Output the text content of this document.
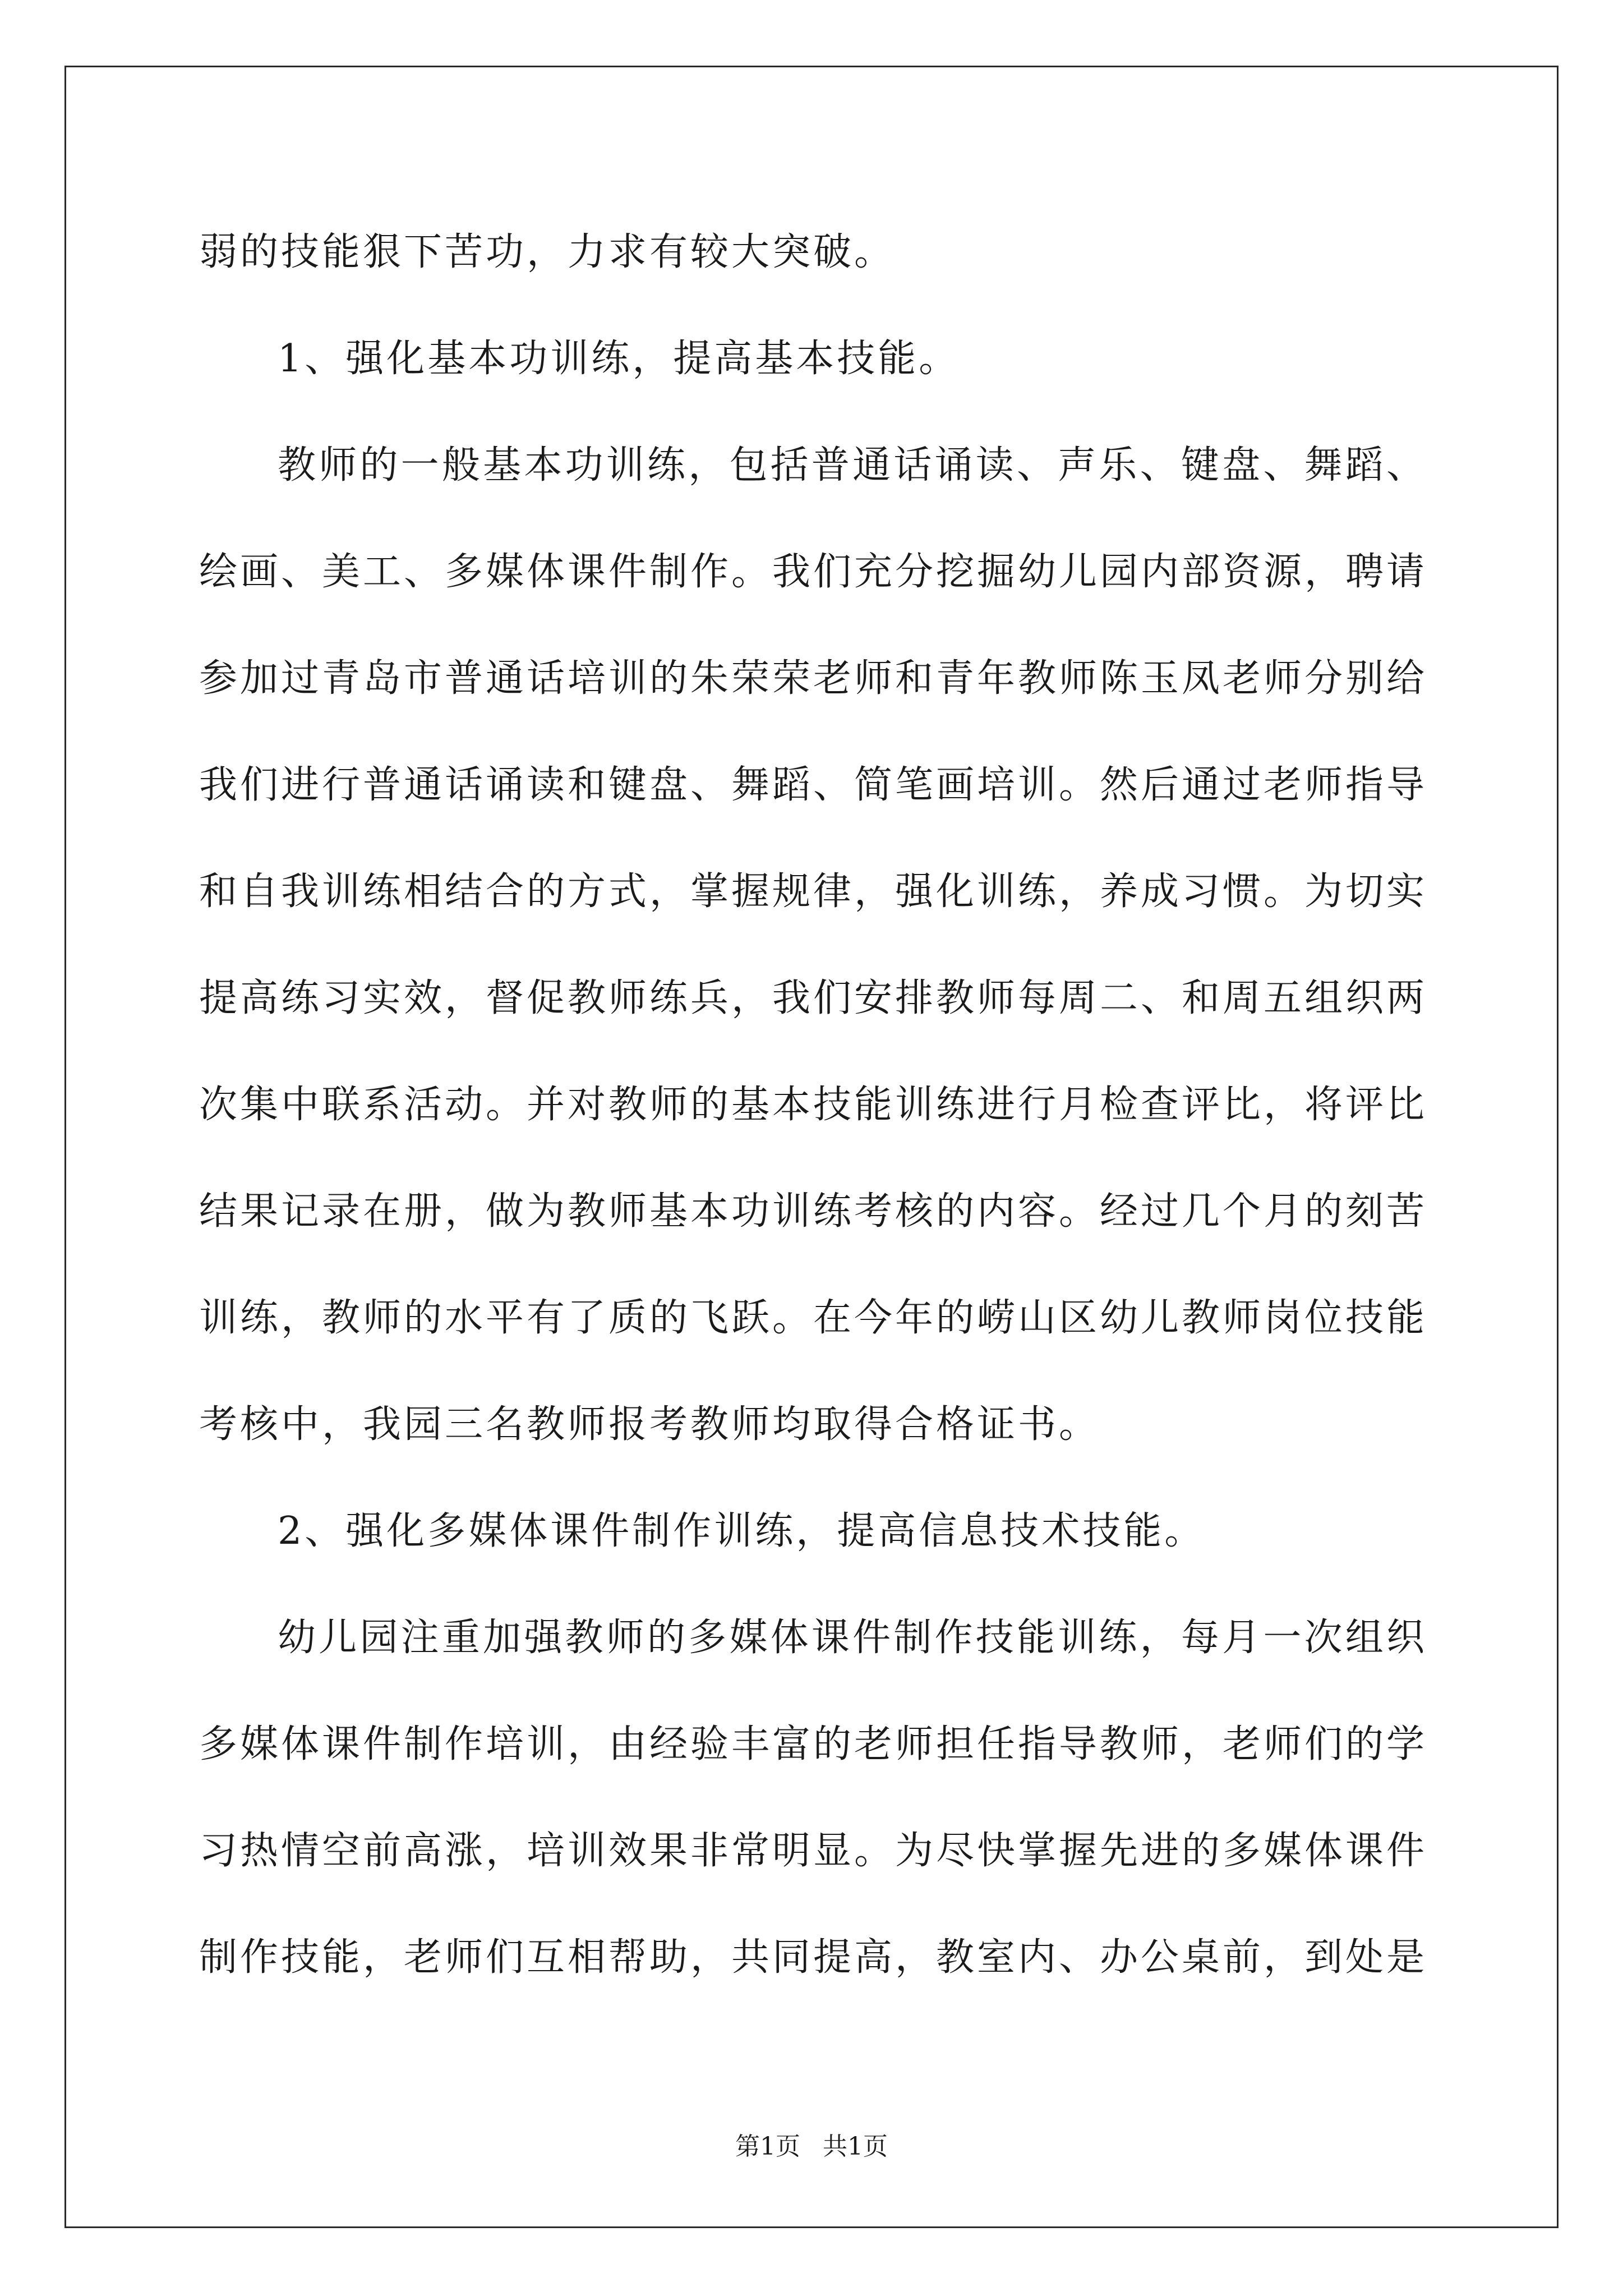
弱的技能狠下苦功，力求有较大突破。

1、强化基本功训练，提高基本技能。

教师的一般基本功训练，包括普通话诵读、声乐、键盘、舞蹈、绘画、美工、多媒体课件制作。我们充分挖掘幼儿园内部资源，聘请参加过青岛市普通话培训的朱荣荣老师和青年教师陈玉凤老师分别给我们进行普通话诵读和键盘、舞蹈、简笔画培训。然后通过老师指导和自我训练相结合的方式，掌握规律，强化训练，养成习惯。为切实提高练习实效，督促教师练兵，我们安排教师每周二、和周五组织两次集中联系活动。并对教师的基本技能训练进行月检查评比，将评比结果记录在册，做为教师基本功训练考核的内容。经过几个月的刻苦训练，教师的水平有了质的飞跃。在今年的崂山区幼儿教师岗位技能考核中，我园三名教师报考教师均取得合格证书。

2、强化多媒体课件制作训练，提高信息技术技能。

幼儿园注重加强教师的多媒体课件制作技能训练，每月一次组织多媒体课件制作培训，由经验丰富的老师担任指导教师，老师们的学习热情空前高涨，培训效果非常明显。为尽快掌握先进的多媒体课件制作技能，老师们互相帮助，共同提高，教室内、办公桌前，到处是

第1页 共1页
